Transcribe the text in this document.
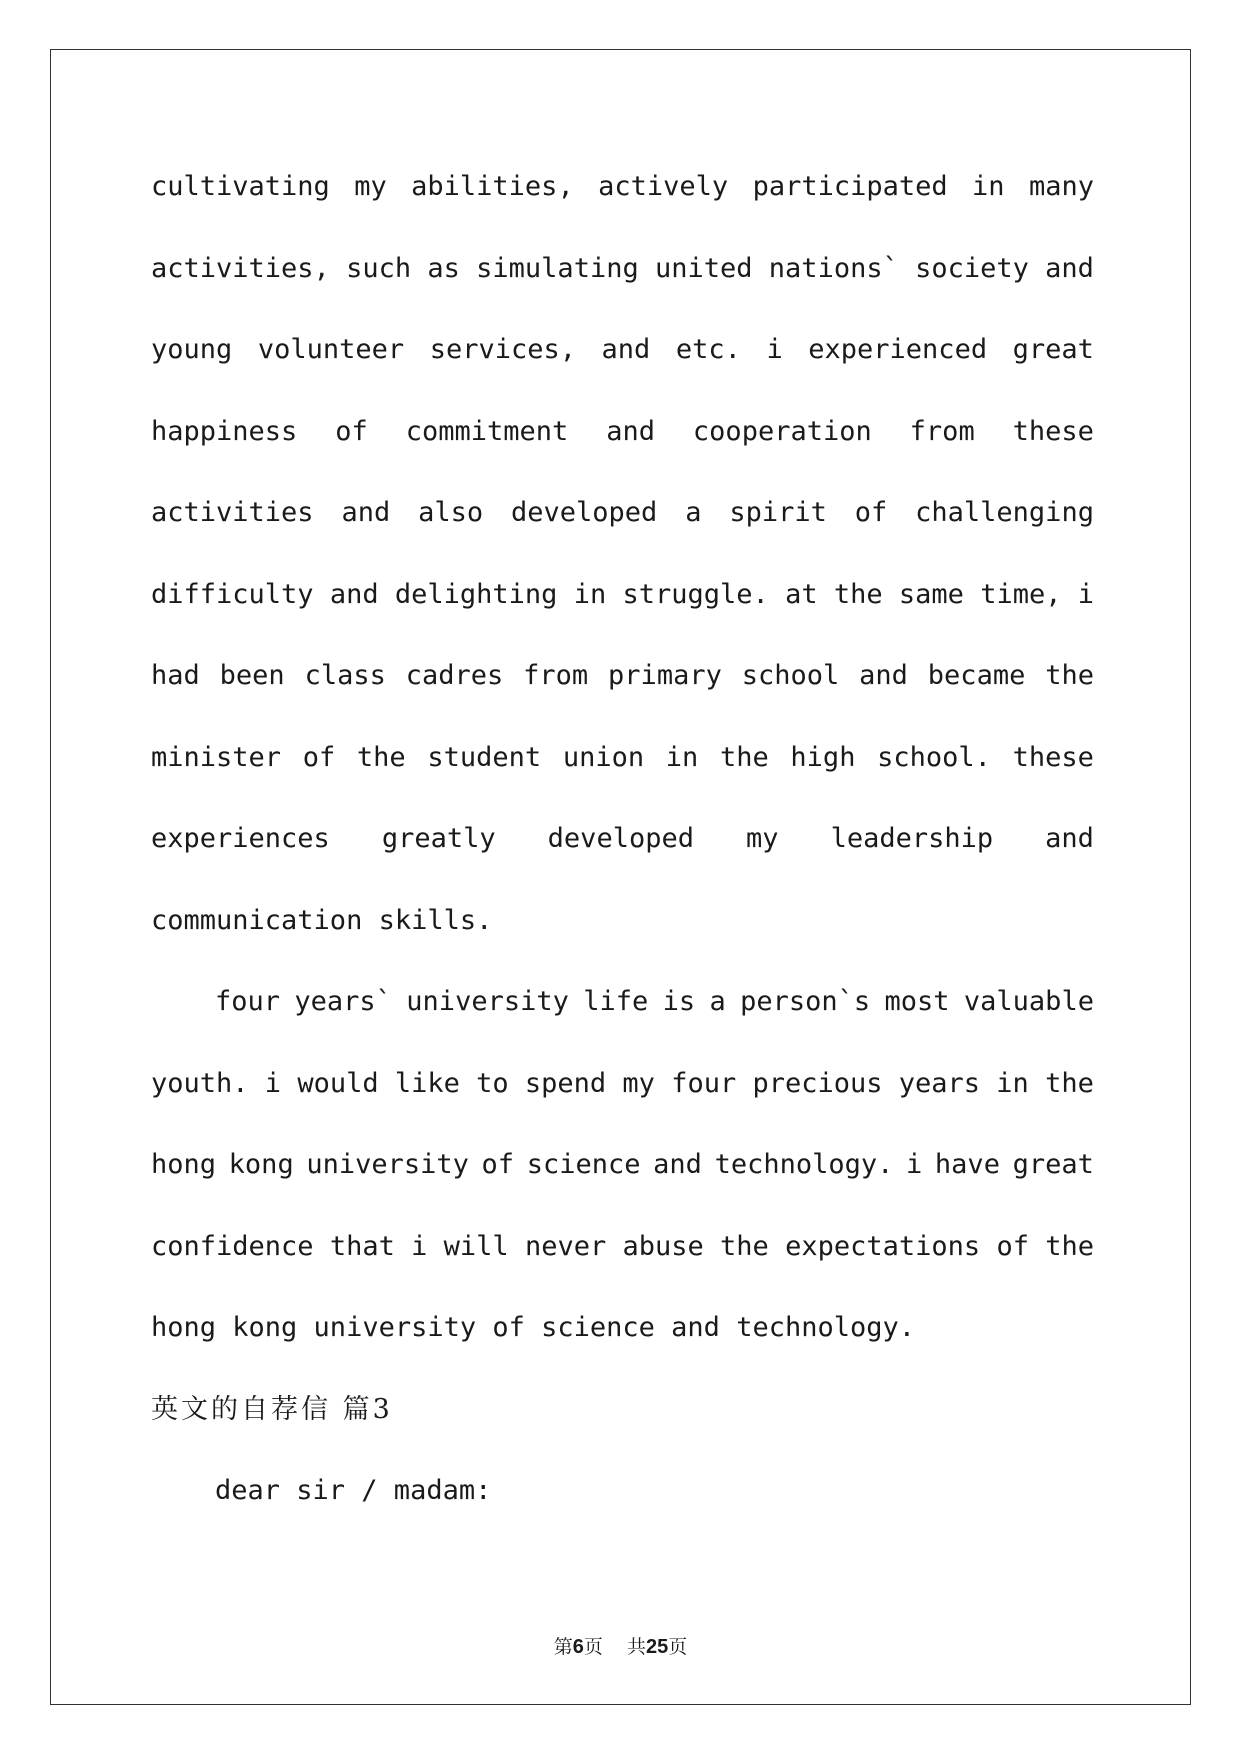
cultivating my abilities, actively participated in many
activities, such as simulating united nations` society and
young volunteer services, and etc. i experienced great
happiness of commitment and cooperation from these
activities and also developed a spirit of challenging
difficulty and delighting in struggle. at the same time, i
had been class cadres from primary school and became the
minister of the student union in the high school. these
experiences greatly developed my leadership and
communication skills.
four years` university life is a person`s most valuable
youth. i would like to spend my four precious years in the
hong kong university of science and technology. i have great
confidence that i will never abuse the expectations of the
hong kong university of science and technology.
英文的自荐信 篇3
dear sir / madam:
第6页 共25页
